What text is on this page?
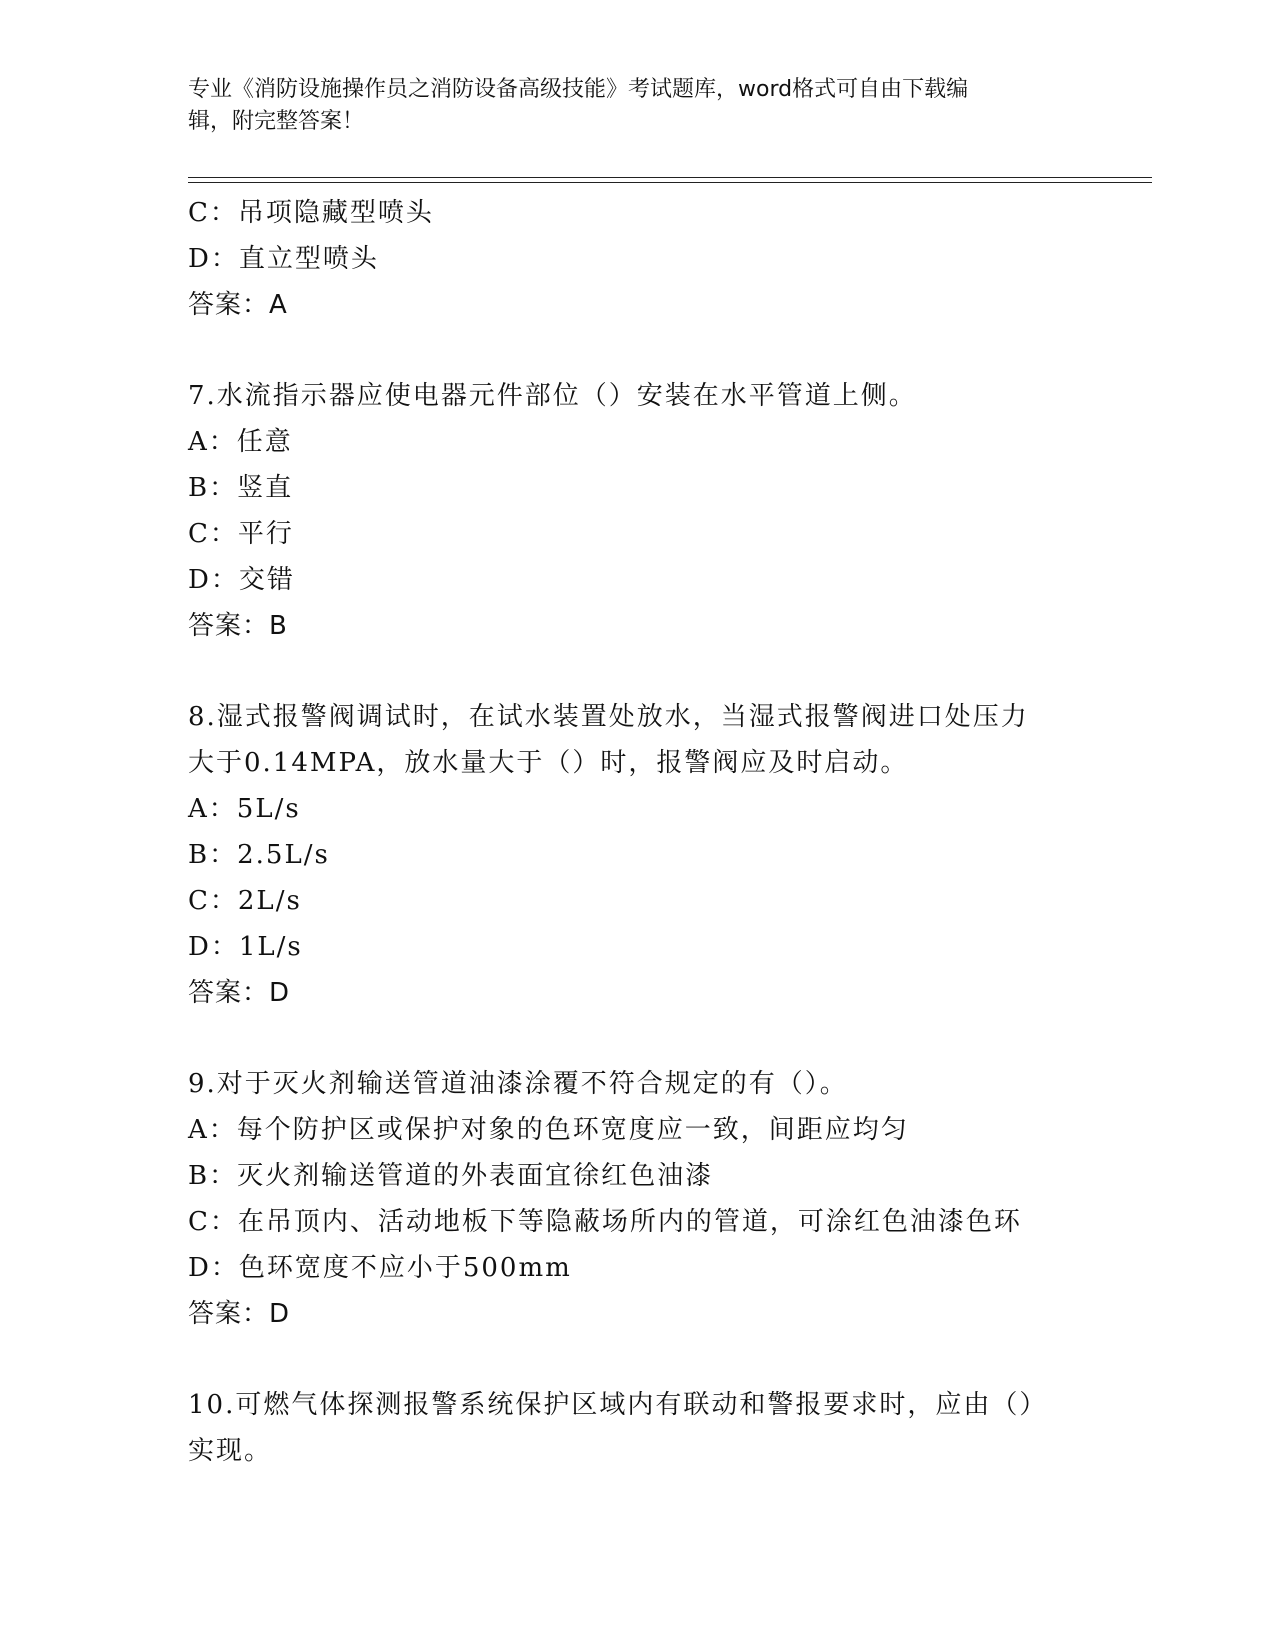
专业《消防设施操作员之消防设备高级技能》考试题库，word格式可自由下载编
辑，附完整答案！
C：吊项隐藏型喷头
D：直立型喷头
答案：A
7.水流指示器应使电器元件部位（）安装在水平管道上侧。
A：任意
B：竖直
C：平行
D：交错
答案：B
8.湿式报警阀调试时，在试水装置处放水，当湿式报警阀进口处压力
大于0.14MPA，放水量大于（）时，报警阀应及时启动。
A：5L/s
B：2.5L/s
C：2L/s
D：1L/s
答案：D
9.对于灭火剂输送管道油漆涂覆不符合规定的有（）。
A：每个防护区或保护对象的色环宽度应一致，间距应均匀
B：灭火剂输送管道的外表面宜徐红色油漆
C：在吊顶内、活动地板下等隐蔽场所内的管道，可涂红色油漆色环
D：色环宽度不应小于500mm
答案：D
10.可燃气体探测报警系统保护区域内有联动和警报要求时，应由（）
实现。
